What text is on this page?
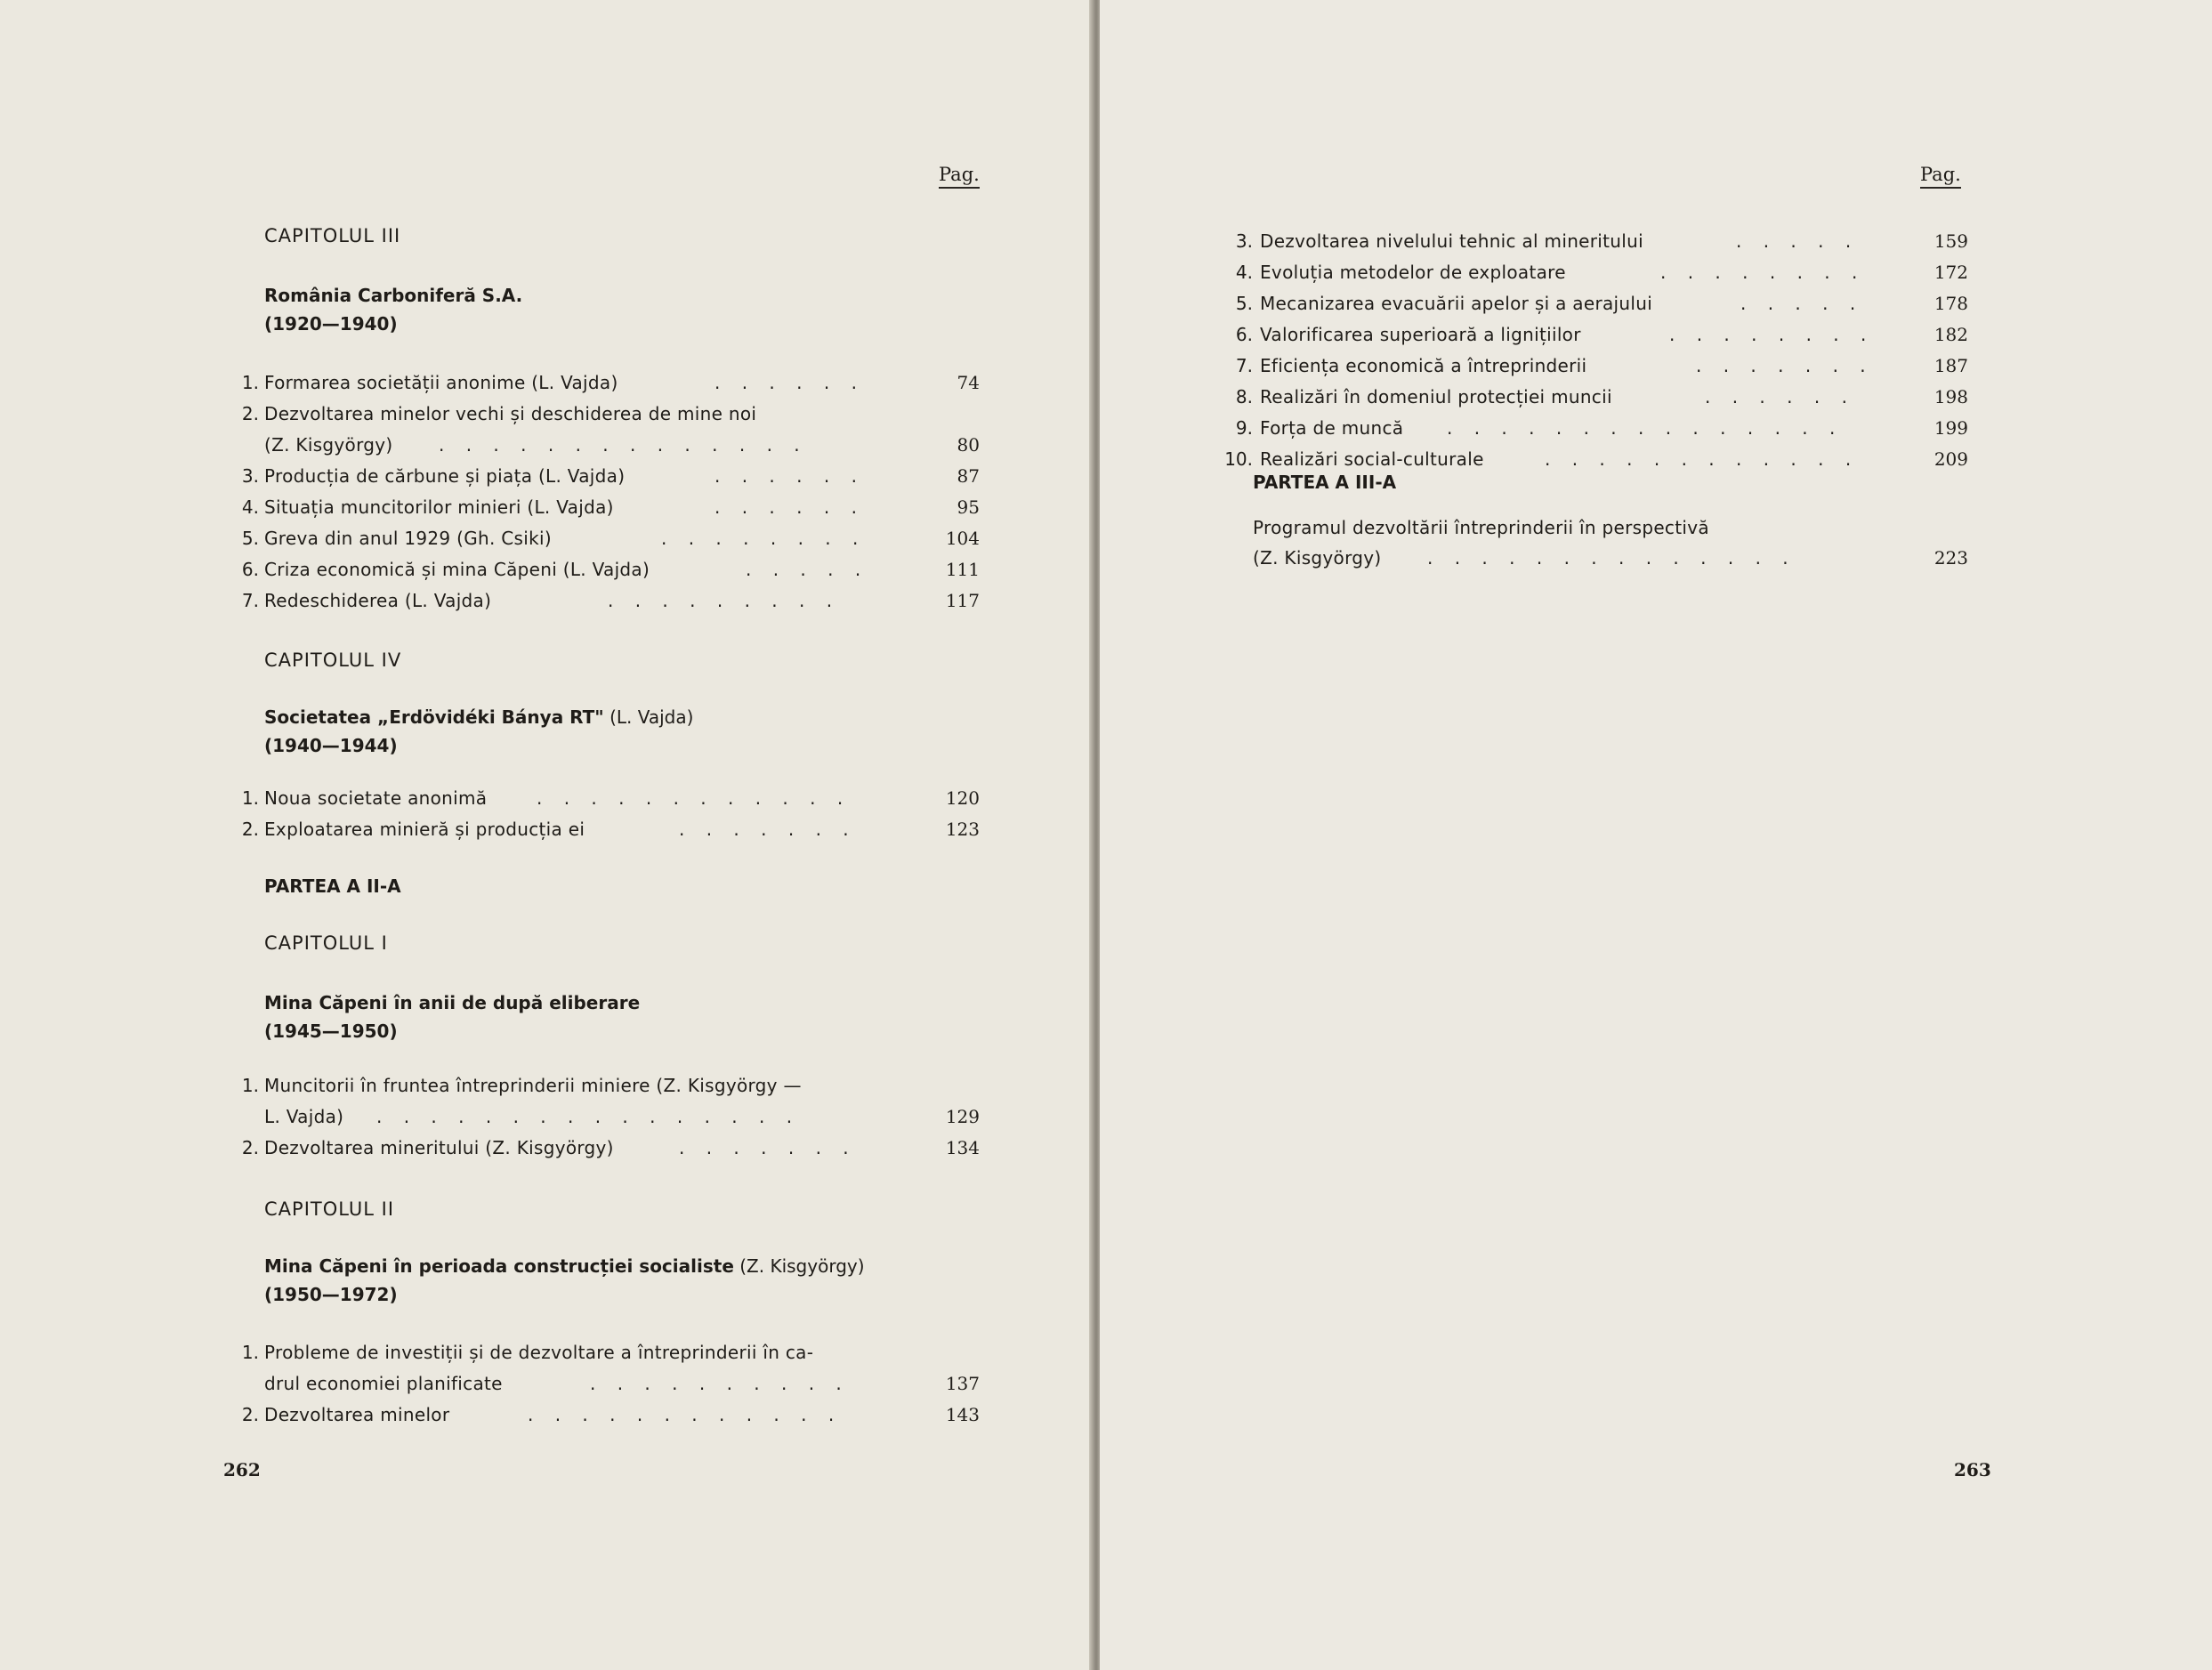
Pag.
CAPITOLUL III
România Carboniferă S.A.
(1920—1940)
1. Formarea societății anonime (L. Vajda)	. . . . . .	74
2. Dezvoltarea minelor vechi și deschiderea de mine noi
(Z. Kisgyörgy)	. . . . . . . . . . . . . .	80
3. Producția de cărbune și piața (L. Vajda)	. . . . . .	87
4. Situația muncitorilor minieri (L. Vajda)	. . . . . .	95
5. Greva din anul 1929 (Gh. Csiki)	. . . . . . . .	104
6. Criza economică și mina Căpeni (L. Vajda)	. . . . .	111
7. Redeschiderea (L. Vajda)	. . . . . . . . .	117
CAPITOLUL IV
Societatea „Erdövidéki Bánya RT" (L. Vajda)
(1940—1944)
1. Noua societate anonimă	. . . . . . . . . . . .	120
2. Exploatarea minieră și producția ei	. . . . . . .	123
PARTEA A II-A
CAPITOLUL I
Mina Căpeni în anii de după eliberare
(1945—1950)
1. Muncitorii în fruntea întreprinderii miniere (Z. Kisgyörgy —
L. Vajda) . . . . . . . . . . . . . . . .	129
2. Dezvoltarea mineritului (Z. Kisgyörgy)	. . . . . . .	134
CAPITOLUL II
Mina Căpeni în perioada construcției socialiste (Z. Kisgyörgy)
(1950—1972)
1. Probleme de investiții și de dezvoltare a întreprinderii în ca-
drul economiei planificate	. . . . . . . . . .	137
2. Dezvoltarea minelor	. . . . . . . . . . . .	143
262
Pag.
3. Dezvoltarea nivelului tehnic al mineritului	. . . . .	159
4. Evoluția metodelor de exploatare	. . . . . . . .	172
5. Mecanizarea evacuării apelor și a aerajului	. . . . .	178
6. Valorificarea superioară a lignițiilor	. . . . . . . .	182
7. Eficiența economică a întreprinderii	. . . . . . .	187
8. Realizări în domeniul protecției muncii	. . . . . .	198
9. Forța de muncă . . . . . . . . . . . . . . .	199
10. Realizări social-culturale	. . . . . . . . . . . .	209
PARTEA A III-A
Programul dezvoltării întreprinderii în perspectivă
(Z. Kisgyörgy)	. . . . . . . . . . . . . .	223
263
